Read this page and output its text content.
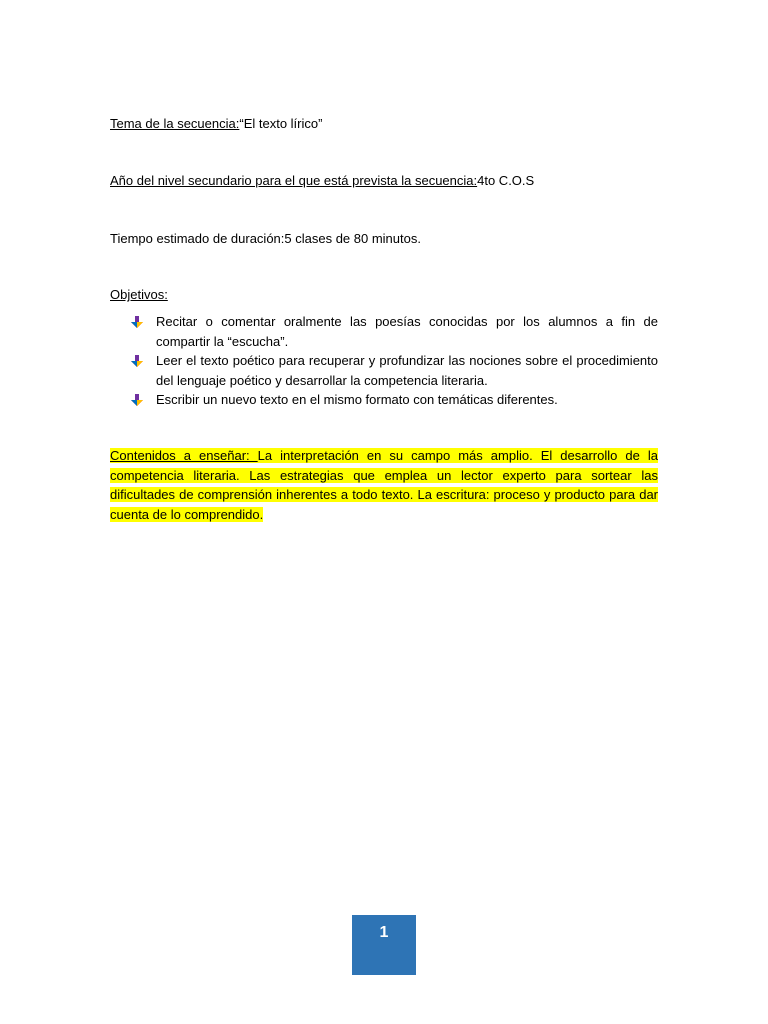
Tema de la secuencia:“El texto lírico”
Año del nivel secundario para el que está prevista la secuencia:4to C.O.S
Tiempo estimado de duración:5 clases de 80 minutos.
Objetivos:
Recitar o comentar oralmente las poesías conocidas por los alumnos a fin de compartir la “escucha”.
Leer el texto poético para recuperar y profundizar las nociones sobre el procedimiento del lenguaje poético y desarrollar la competencia literaria.
Escribir un nuevo texto en el mismo formato con temáticas diferentes.
Contenidos a enseñar: La interpretación en su campo más amplio. El desarrollo de la competencia literaria. Las estrategias que emplea un lector experto para sortear las dificultades de comprensión inherentes a todo texto. La escritura: proceso y producto para dar cuenta de lo comprendido.
1
